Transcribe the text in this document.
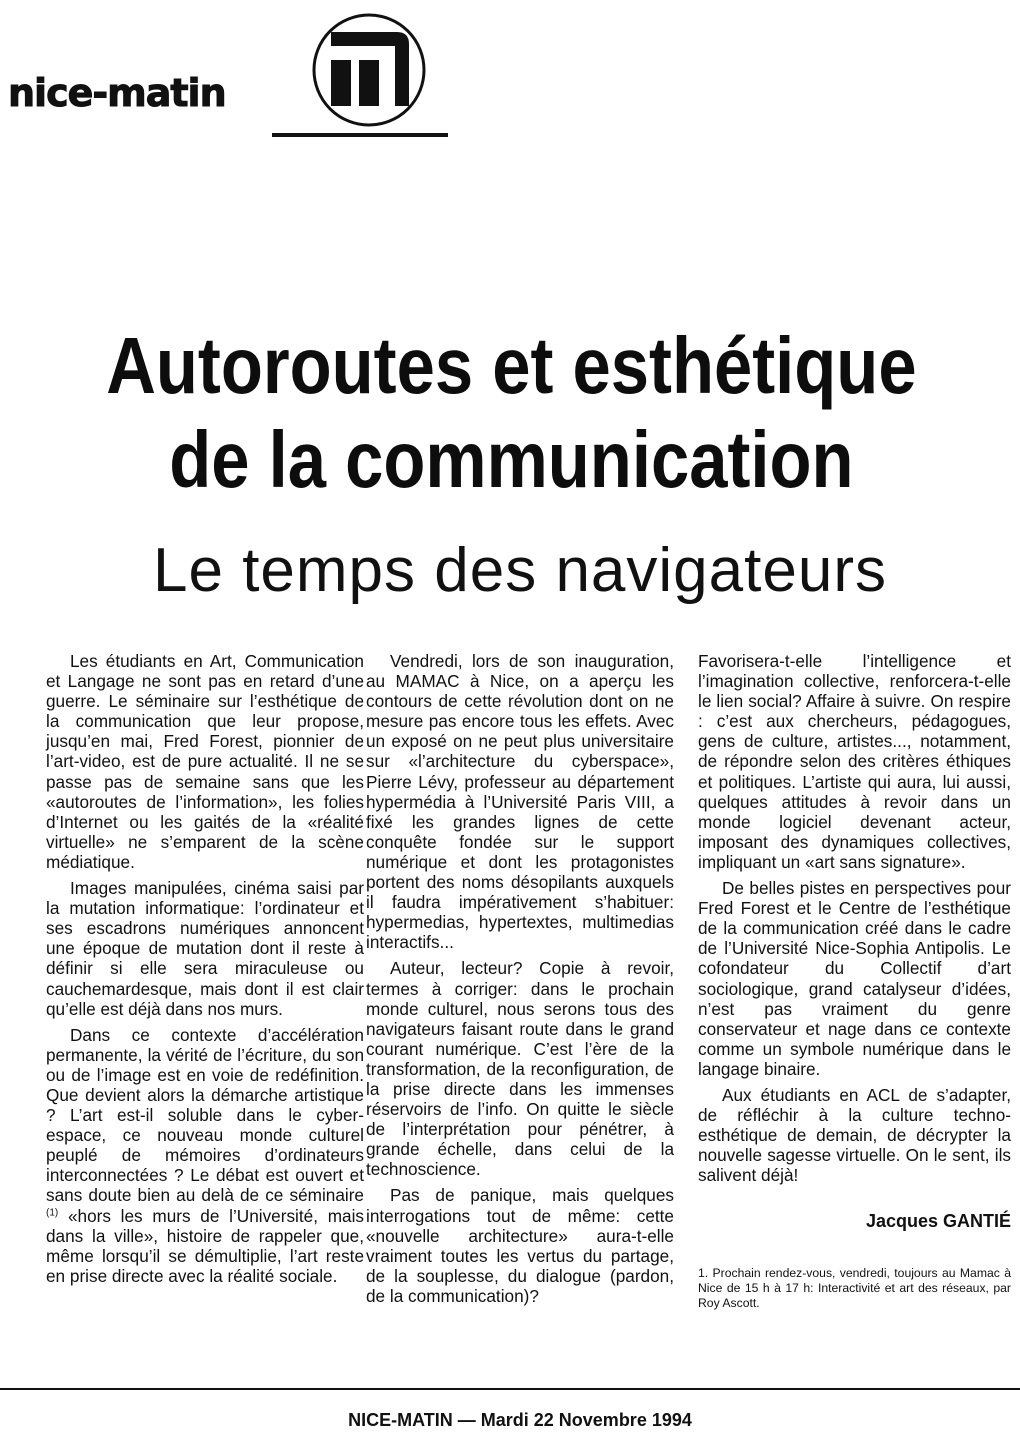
nice-matin
Autoroutes et esthétique
de la communication
Le temps des navigateurs

Les étudiants en Art, Communication et Langage ne sont pas en retard d’une guerre. Le séminaire sur l’esthétique de la communication que leur propose, jusqu’en mai, Fred Forest, pionnier de l’art-video, est de pure actualité. Il ne se passe pas de semaine sans que les «autoroutes de l’information», les folies d’Internet ou les gaités de la «réalité virtuelle» ne s’emparent de la scène médiatique.

Images manipulées, cinéma saisi par la mutation informatique: l’ordinateur et ses escadrons numériques annoncent une époque de mutation dont il reste à définir si elle sera miraculeuse ou cauchemardesque, mais dont il est clair qu’elle est déjà dans nos murs.

Dans ce contexte d’accélération permanente, la vérité de l’écriture, du son ou de l’image est en voie de redéfinition. Que devient alors la démarche artistique ? L’art est-il soluble dans le cyber-espace, ce nouveau monde culturel peuplé de mémoires d’ordinateurs interconnectées ? Le débat est ouvert et sans doute bien au delà de ce séminaire $^{(1)}$ «hors les murs de l’Université, mais dans la ville», histoire de rappeler que, même lorsqu’il se démultiplie, l’art reste en prise directe avec la réalité sociale.

Vendredi, lors de son inauguration, au MAMAC à Nice, on a aperçu les contours de cette révolution dont on ne mesure pas encore tous les effets. Avec un exposé on ne peut plus universitaire sur «l’architecture du cyberspace», Pierre Lévy, professeur au département hypermédia à l’Université Paris VIII, a fixé les grandes lignes de cette conquête fondée sur le support numérique et dont les protagonistes portent des noms désopilants auxquels il faudra impérativement s’habituer: hypermedias, hypertextes, multimedias interactifs...

Auteur, lecteur? Copie à revoir, termes à corriger: dans le prochain monde culturel, nous serons tous des navigateurs faisant route dans le grand courant numérique. C’est l’ère de la transformation, de la reconfiguration, de la prise directe dans les immenses réservoirs de l’info. On quitte le siècle de l’interprétation pour pénétrer, à grande échelle, dans celui de la technoscience.

Pas de panique, mais quelques interrogations tout de même: cette «nouvelle architecture» aura-t-elle vraiment toutes les vertus du partage, de la souplesse, du dialogue (pardon, de la communication)?

Favorisera-t-elle l’intelligence et l’imagination collective, renforcera-t-elle le lien social? Affaire à suivre. On respire : c’est aux chercheurs, pédagogues, gens de culture, artistes..., notamment, de répondre selon des critères éthiques et politiques. L’artiste qui aura, lui aussi, quelques attitudes à revoir dans un monde logiciel devenant acteur, imposant des dynamiques collectives, impliquant un «art sans signature».

De belles pistes en perspectives pour Fred Forest et le Centre de l’esthétique de la communication créé dans le cadre de l’Université Nice-Sophia Antipolis. Le cofondateur du Collectif d’art sociologique, grand catalyseur d’idées, n’est pas vraiment du genre conservateur et nage dans ce contexte comme un symbole numérique dans le langage binaire.

Aux étudiants en ACL de s’adapter, de réfléchir à la culture techno-esthétique de demain, de décrypter la nouvelle sagesse virtuelle. On le sent, ils salivent déjà!

Jacques GANTIÉ

1. Prochain rendez-vous, vendredi, toujours au Mamac à Nice de 15 h à 17 h: Interactivité et art des réseaux, par Roy Ascott.

NICE-MATIN — Mardi 22 Novembre 1994
